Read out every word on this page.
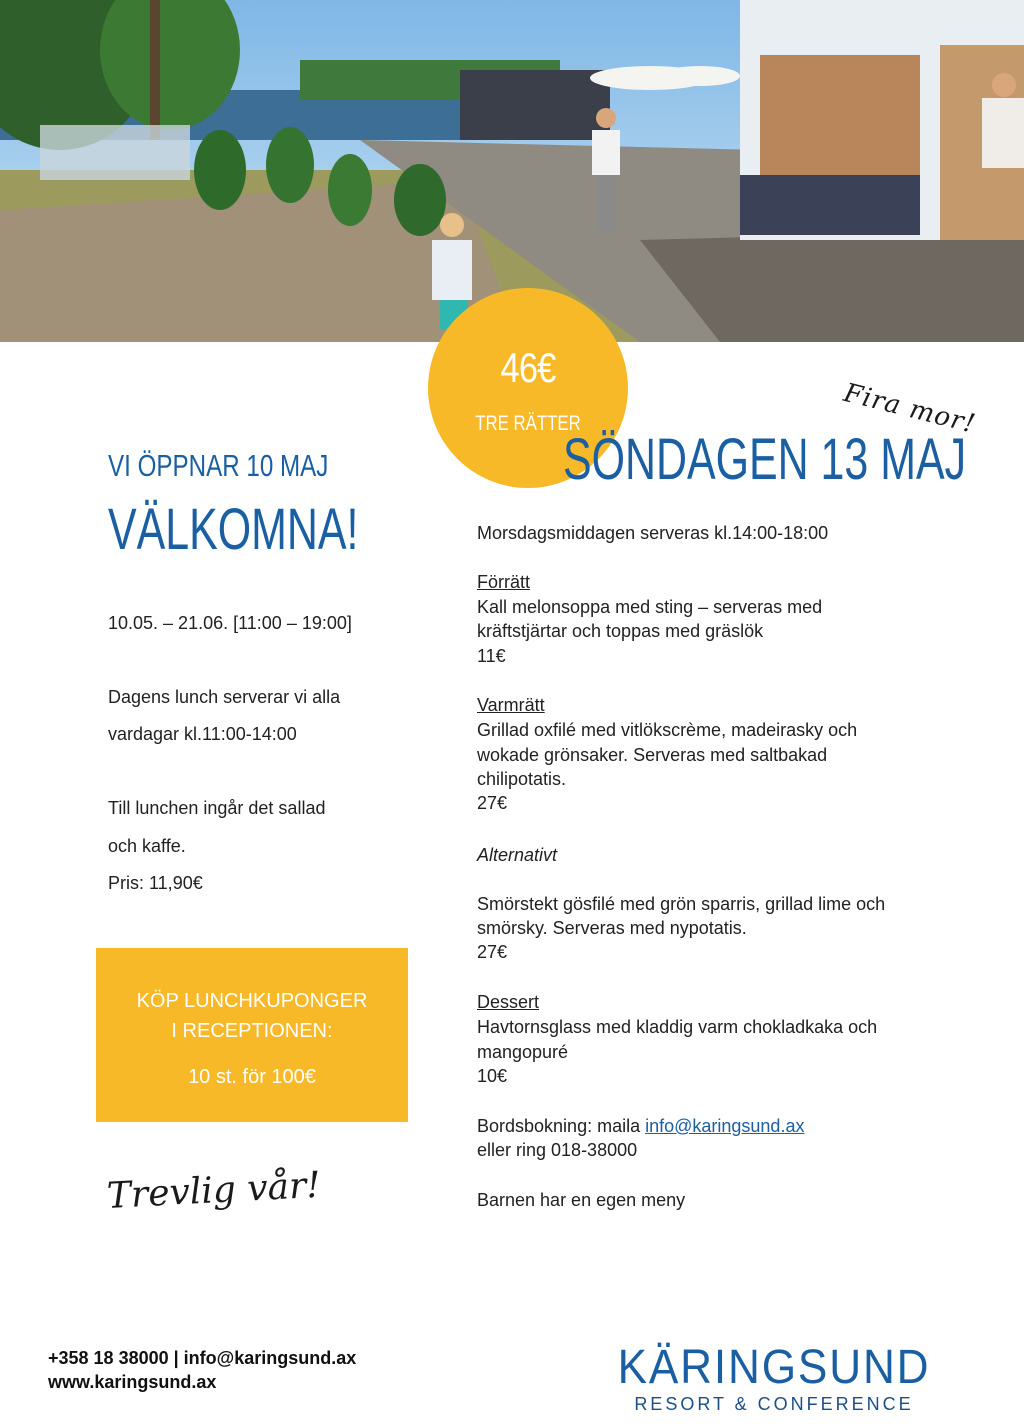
46€
TRE RÄTTER	Fira mor!
VI ÖPPNAR 10 MAJ
VÄLKOMNA!
10.05. – 21.06. [11:00 – 19:00]
Dagens lunch serverar vi alla
vardagar kl.11:00-14:00
Till lunchen ingår det sallad
och kaffe.
Pris: 11,90€
KÖP LUNCHKUPONGER
I RECEPTIONEN:
10 st. för 100€
Trevlig vår!
SÖNDAGEN 13 MAJ
Morsdagsmiddagen serveras kl.14:00-18:00
Förrätt
Kall melonsoppa med sting – serveras med
kräftstjärtar och toppas med gräslök
11€
Varmrätt
Grillad oxfilé med vitlökscrème, madeirasky och
wokade grönsaker. Serveras med saltbakad
chilipotatis.
27€
Alternativt
Smörstekt gösfilé med grön sparris, grillad lime och
smörsky. Serveras med nypotatis.
27€
Dessert
Havtornsglass med kladdig varm chokladkaka och
mangopuré
10€
Bordsbokning: maila info@karingsund.ax
eller ring 018-38000
Barnen har en egen meny
+358 18 38000 | info@karingsund.ax
www.karingsund.ax	KÄRINGSUND
RESORT & CONFERENCE
